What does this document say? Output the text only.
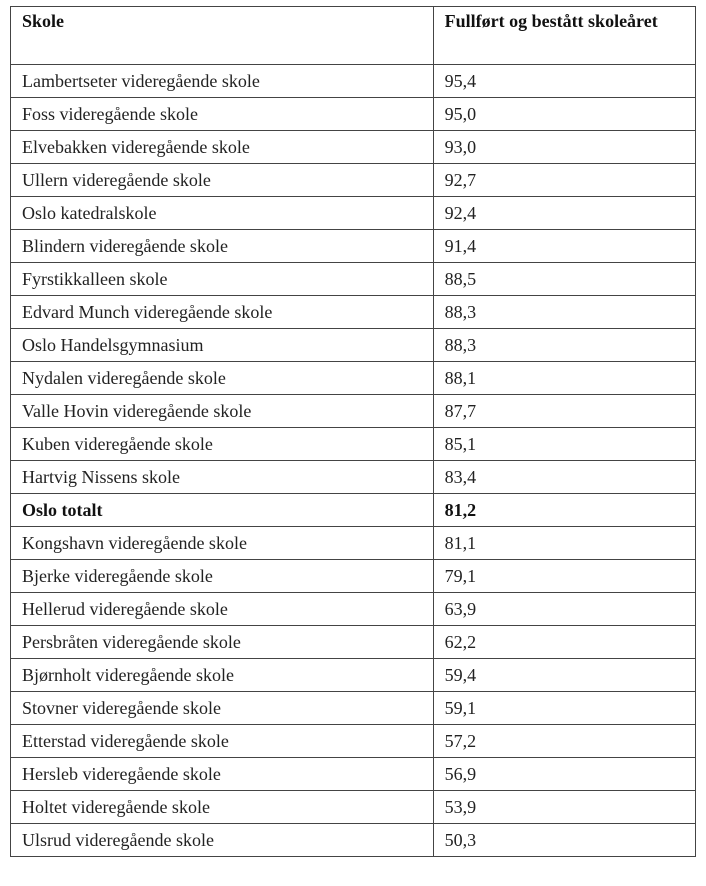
Skole	Fullført og bestått skoleåret
Lambertseter videregående skole	95,4
Foss videregående skole	95,0
Elvebakken videregående skole	93,0
Ullern videregående skole	92,7
Oslo katedralskole	92,4
Blindern videregående skole	91,4
Fyrstikkalleen skole	88,5
Edvard Munch videregående skole	88,3
Oslo Handelsgymnasium	88,3
Nydalen videregående skole	88,1
Valle Hovin videregående skole	87,7
Kuben videregående skole	85,1
Hartvig Nissens skole	83,4
Oslo totalt	81,2
Kongshavn videregående skole	81,1
Bjerke videregående skole	79,1
Hellerud videregående skole	63,9
Persbråten videregående skole	62,2
Bjørnholt videregående skole	59,4
Stovner videregående skole	59,1
Etterstad videregående skole	57,2
Hersleb videregående skole	56,9
Holtet videregående skole	53,9
Ulsrud videregående skole	50,3
